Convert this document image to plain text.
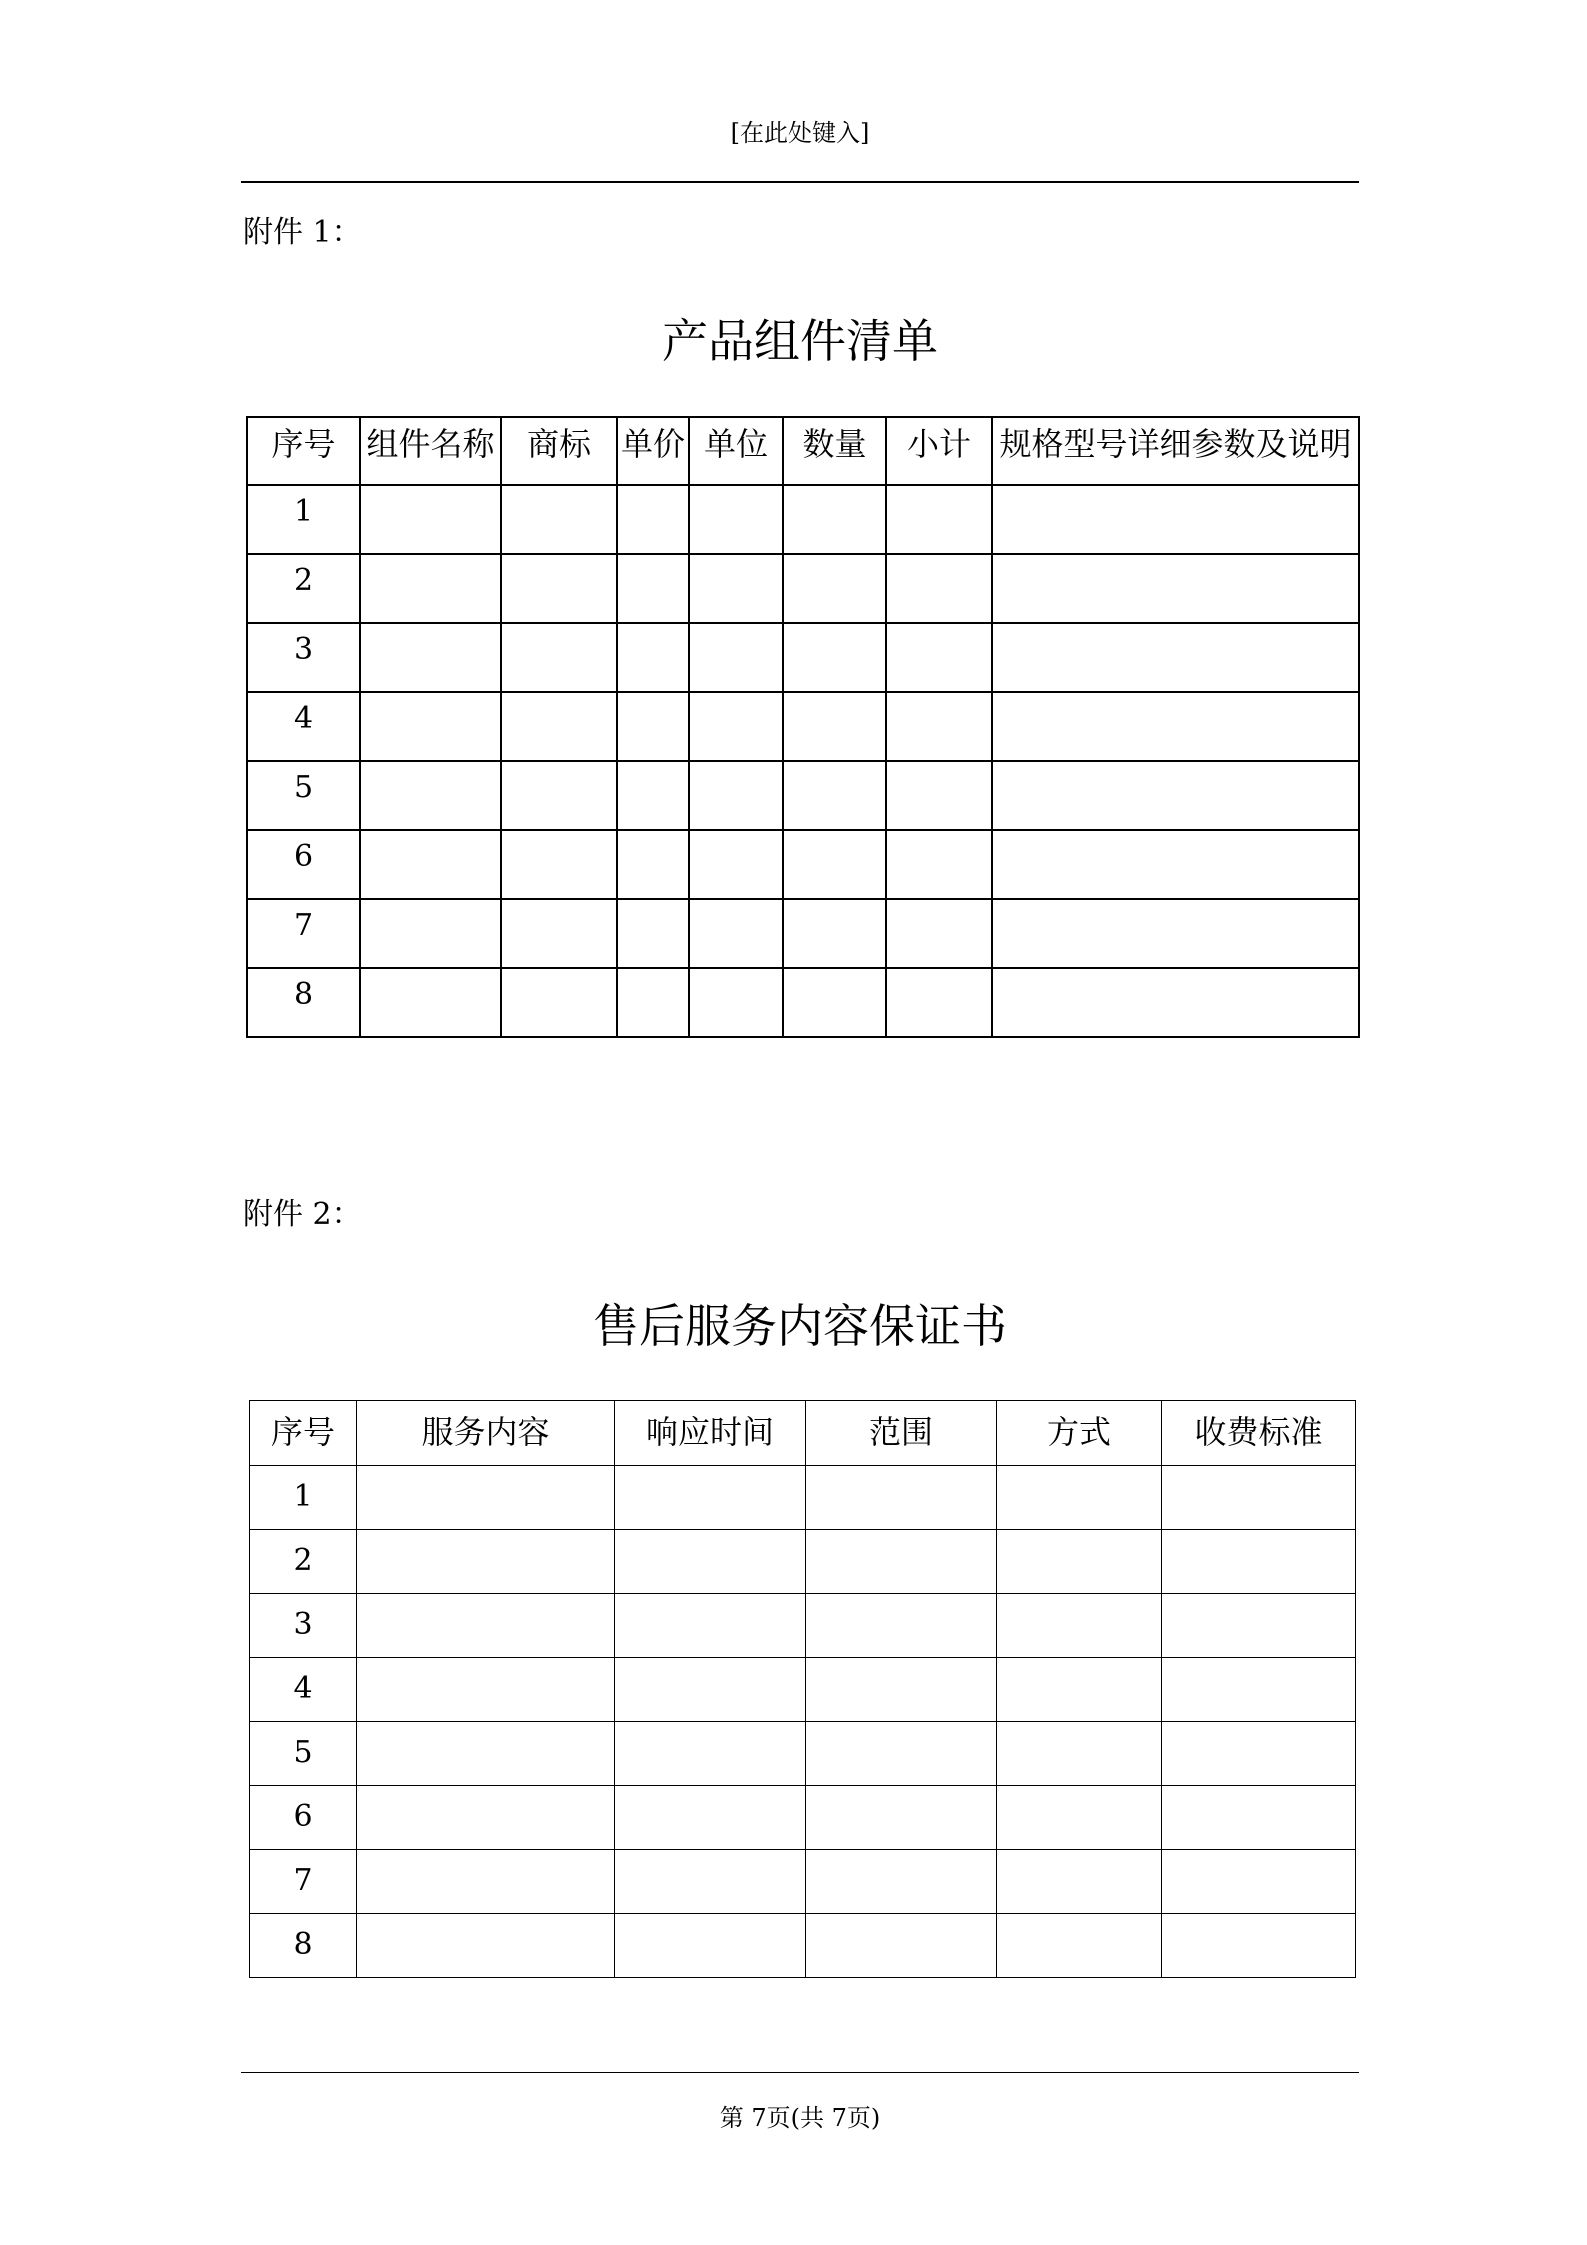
[在此处键入]
附件 1：
产品组件清单
序号	组件名称	商标	单价	单位	数量	小计	规格型号详细参数及说明
1							
2							
3							
4							
5							
6							
7							
8							
附件 2：
售后服务内容保证书
序号	服务内容	响应时间	范围	方式	收费标准
1					
2					
3					
4					
5					
6					
7					
8					
第 7页(共 7页)
